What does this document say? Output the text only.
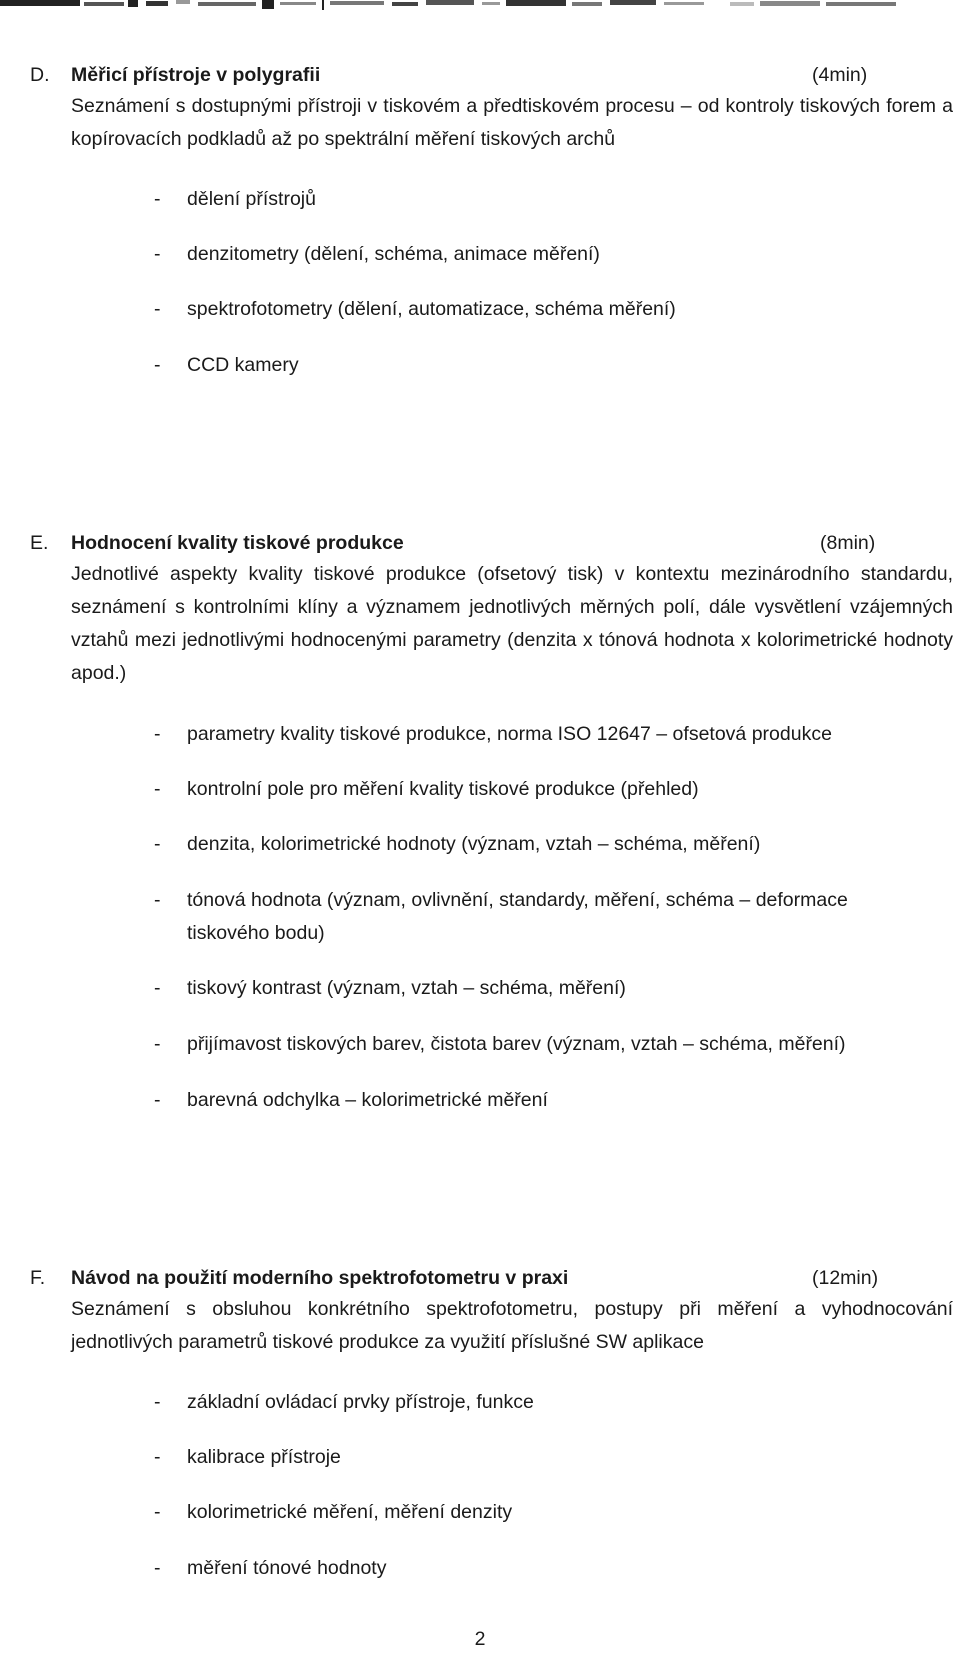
D. Měřicí přístroje v polygrafii	(4min)

Seznámení s dostupnými přístroji v tiskovém a předtiskovém procesu – od kontroly tiskových forem a kopírovacích podkladů až po spektrální měření tiskových archů

- dělení přístrojů
- denzitometry (dělení, schéma, animace měření)
- spektrofotometry (dělení, automatizace, schéma měření)
- CCD kamery
E. Hodnocení kvality tiskové produkce	(8min)

Jednotlivé aspekty kvality tiskové produkce (ofsetový tisk) v kontextu mezinárodního standardu, seznámení s kontrolními klíny a významem jednotlivých měrných polí, dále vysvětlení vzájemných vztahů mezi jednotlivými hodnocenými parametry (denzita x tónová hodnota x kolorimetrické hodnoty apod.)

- parametry kvality tiskové produkce, norma ISO 12647 – ofsetová produkce
- kontrolní pole pro měření kvality tiskové produkce (přehled)
- denzita, kolorimetrické hodnoty (význam, vztah – schéma, měření)
- tónová hodnota (význam, ovlivnění, standardy, měření, schéma – deformace tiskového bodu)
- tiskový kontrast (význam, vztah – schéma, měření)
- přijímavost tiskových barev, čistota barev (význam, vztah – schéma, měření)
- barevná odchylka – kolorimetrické měření
F. Návod na použití moderního spektrofotometru v praxi	(12min)

Seznámení s obsluhou konkrétního spektrofotometru, postupy při měření a vyhodnocování jednotlivých parametrů tiskové produkce za využití příslušné SW aplikace

- základní ovládací prvky přístroje, funkce
- kalibrace přístroje
- kolorimetrické měření, měření denzity
- měření tónové hodnoty
2
